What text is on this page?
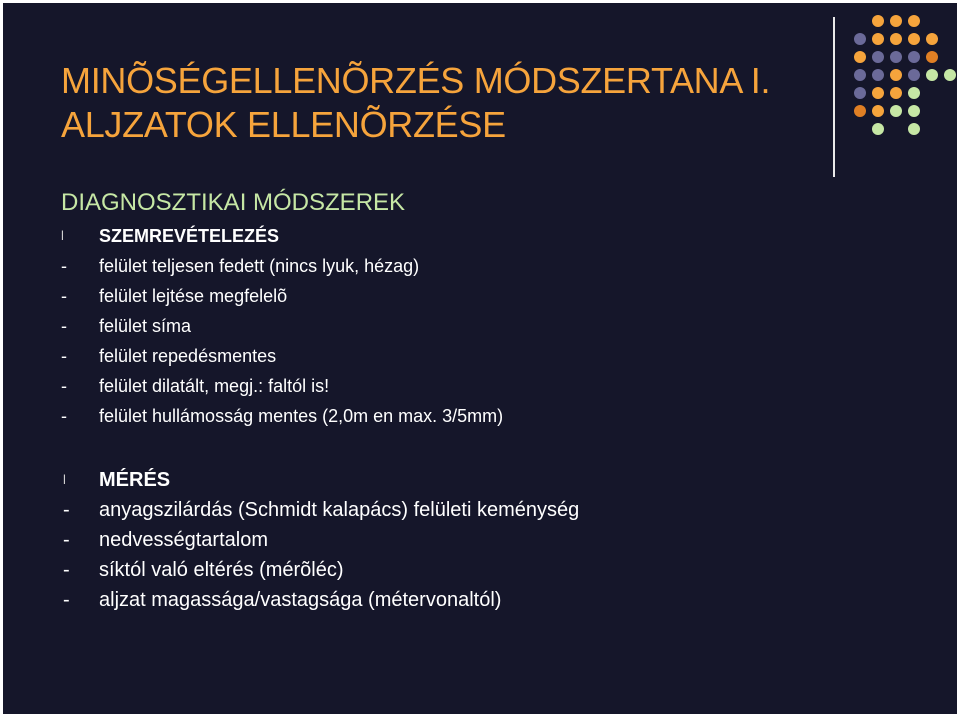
MINÕSÉGELLENÕRZÉS MÓDSZERTANA I.
ALJZATOK ELLENÕRZÉSE
DIAGNOSZTIKAI MÓDSZEREK
l SZEMREVÉTELEZÉS
- felület teljesen fedett (nincs lyuk, hézag)
- felület lejtése megfelelõ
- felület síma
- felület repedésmentes
- felület dilatált, megj.: faltól is!
- felület hullámosság mentes (2,0m en max. 3/5mm)
l MÉRÉS
- anyagszilárdás (Schmidt kalapács) felületi keménység
- nedvességtartalom
- síktól való eltérés (mérõléc)
- aljzat magassága/vastagsága (métervonaltól)
